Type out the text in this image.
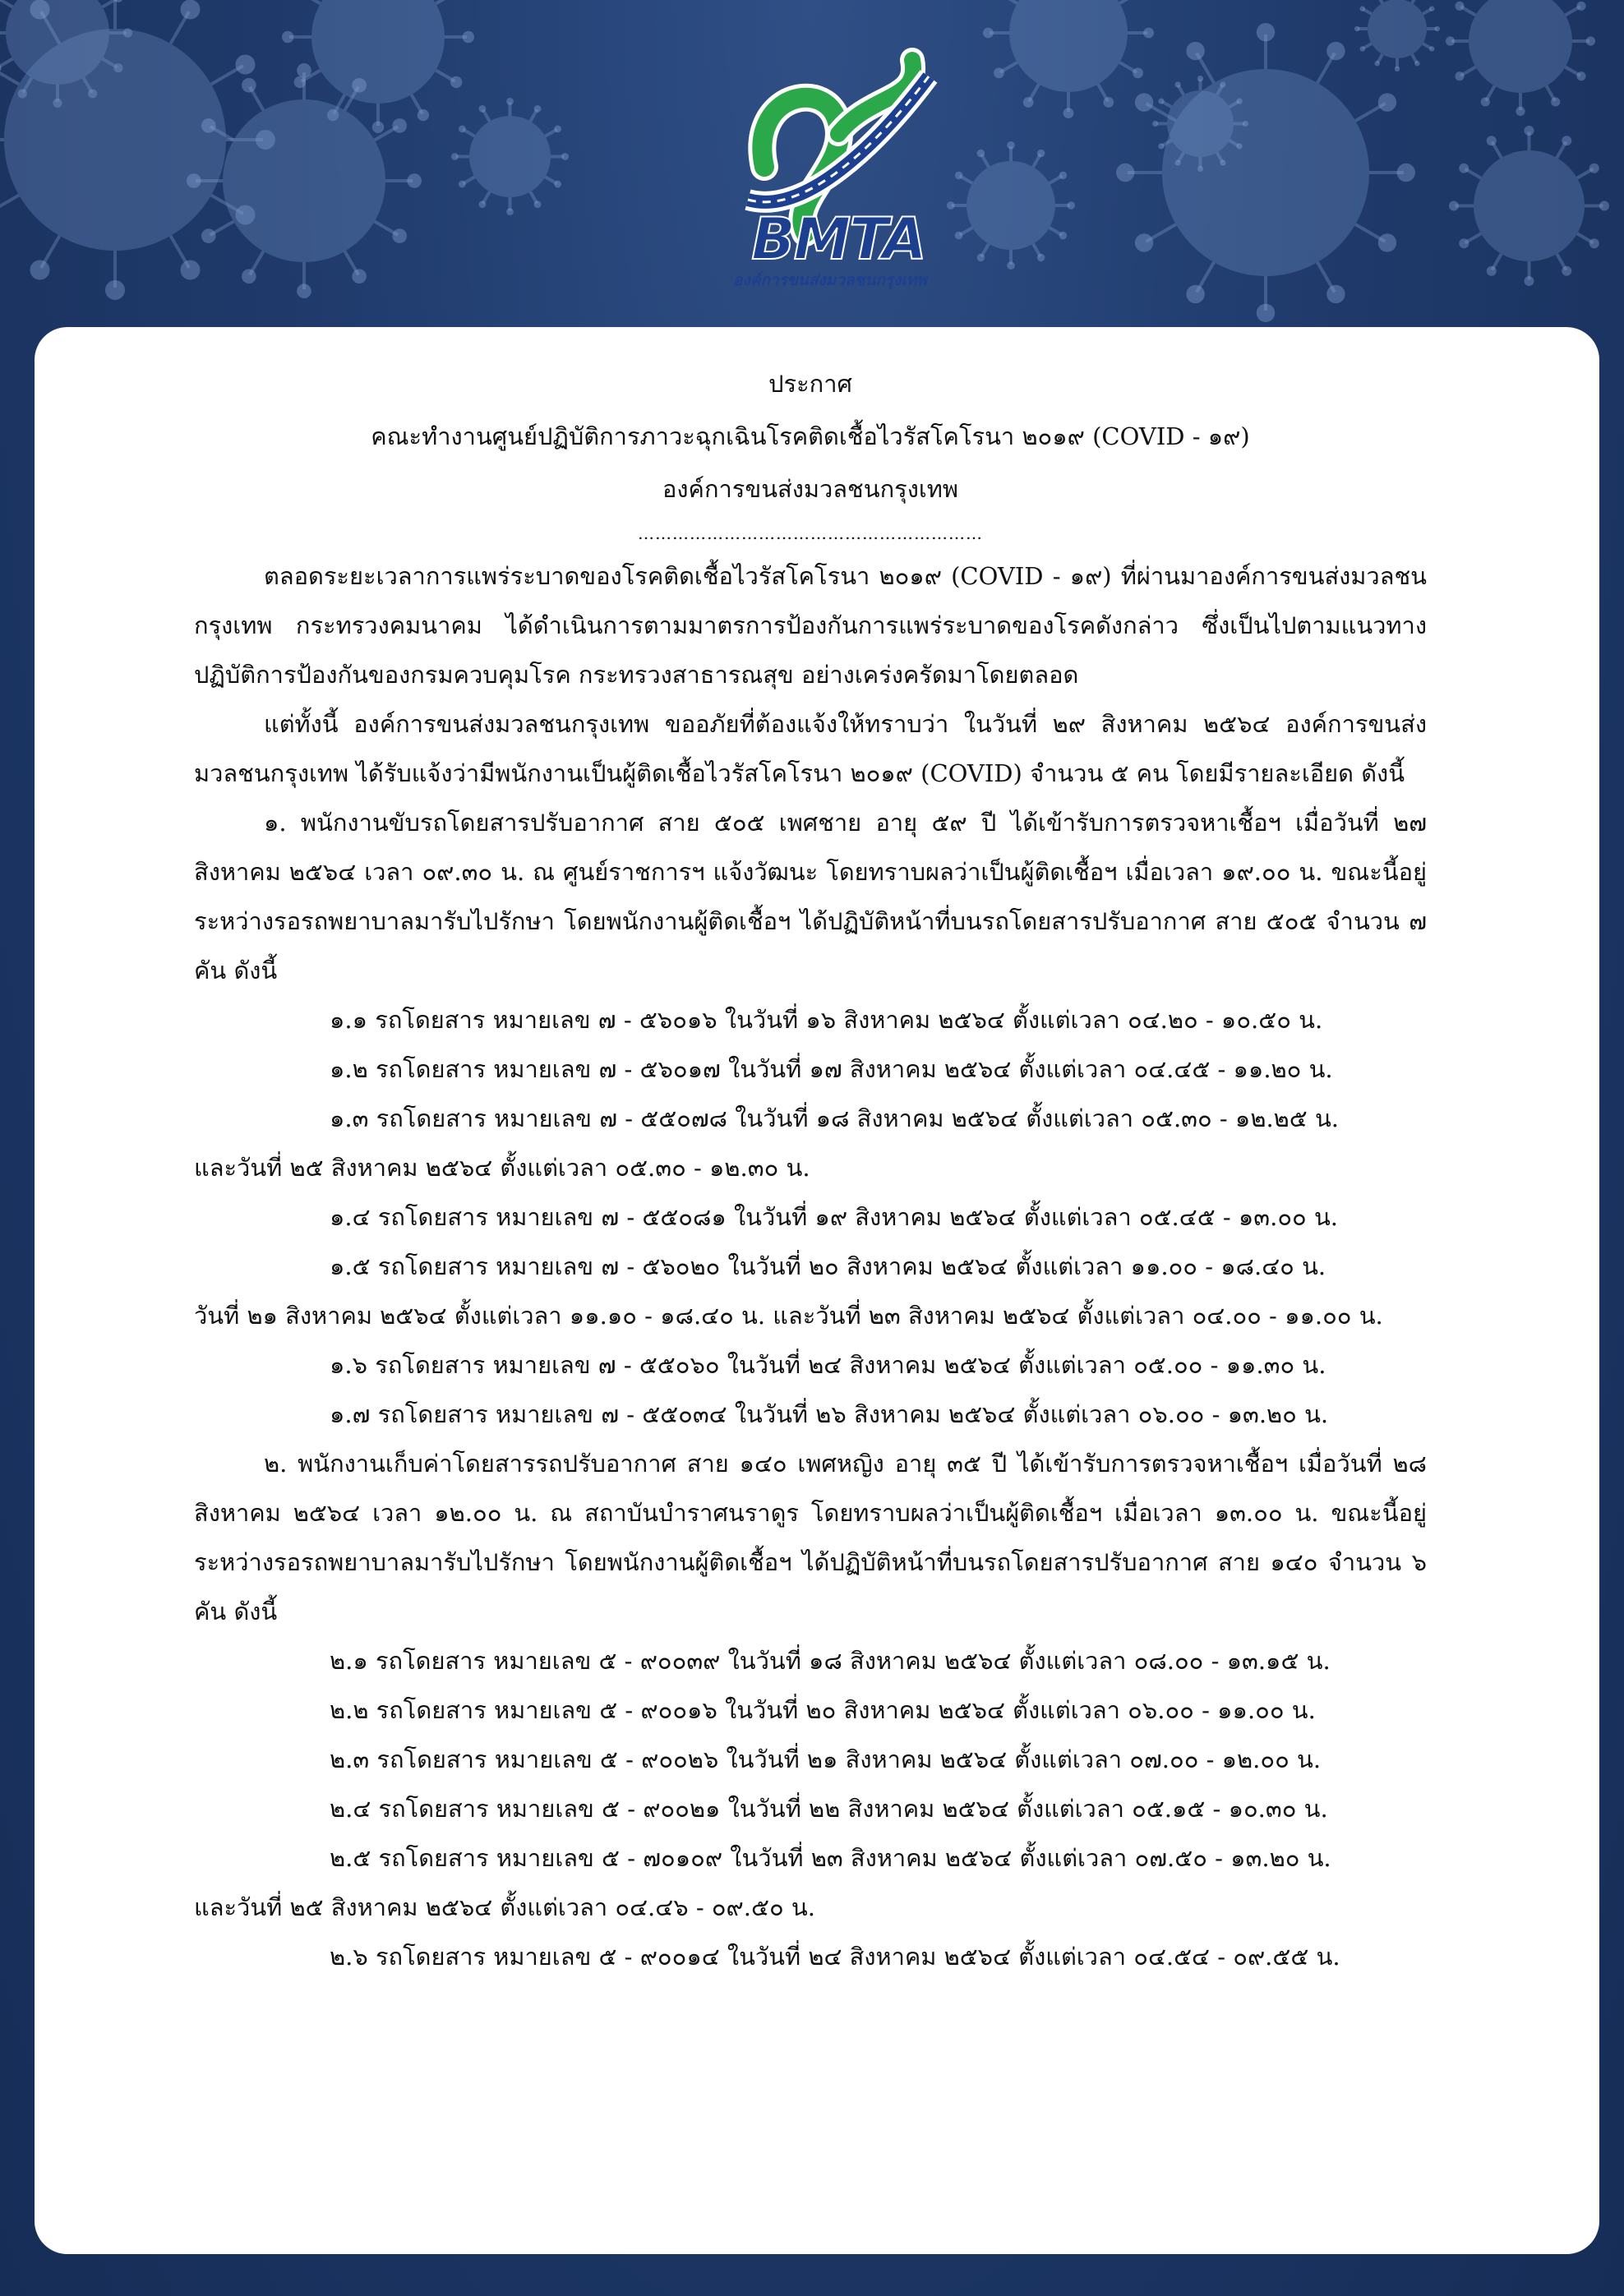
BMTA
องค์การขนส่งมวลชนกรุงเทพ
ประกาศ
คณะทำงานศูนย์ปฏิบัติการภาวะฉุกเฉินโรคติดเชื้อไวรัสโคโรนา ๒๐๑๙ (COVID - ๑๙)
องค์การขนส่งมวลชนกรุงเทพ
……………………………………………………

ตลอดระยะเวลาการแพร่ระบาดของโรคติดเชื้อไวรัสโคโรนา ๒๐๑๙ (COVID - ๑๙) ที่ผ่านมาองค์การขนส่งมวลชนกรุงเทพ กระทรวงคมนาคม ได้ดำเนินการตามมาตรการป้องกันการแพร่ระบาดของโรคดังกล่าว ซึ่งเป็นไปตามแนวทางปฏิบัติการป้องกันของกรมควบคุมโรค กระทรวงสาธารณสุข อย่างเคร่งครัดมาโดยตลอด

แต่ทั้งนี้ องค์การขนส่งมวลชนกรุงเทพ ขออภัยที่ต้องแจ้งให้ทราบว่า ในวันที่ ๒๙ สิงหาคม ๒๕๖๔ องค์การขนส่งมวลชนกรุงเทพ ได้รับแจ้งว่ามีพนักงานเป็นผู้ติดเชื้อไวรัสโคโรนา ๒๐๑๙ (COVID) จำนวน ๕ คน โดยมีรายละเอียด ดังนี้

๑. พนักงานขับรถโดยสารปรับอากาศ สาย ๕๐๕ เพศชาย อายุ ๕๙ ปี ได้เข้ารับการตรวจหาเชื้อฯ เมื่อวันที่ ๒๗ สิงหาคม ๒๕๖๔ เวลา ๐๙.๓๐ น. ณ ศูนย์ราชการฯ แจ้งวัฒนะ โดยทราบผลว่าเป็นผู้ติดเชื้อฯ เมื่อเวลา ๑๙.๐๐ น. ขณะนี้อยู่ระหว่างรอรถพยาบาลมารับไปรักษา โดยพนักงานผู้ติดเชื้อฯ ได้ปฏิบัติหน้าที่บนรถโดยสารปรับอากาศ สาย ๕๐๕ จำนวน ๗ คัน ดังนี้

๑.๑ รถโดยสาร หมายเลข ๗ - ๕๖๐๑๖ ในวันที่ ๑๖ สิงหาคม ๒๕๖๔ ตั้งแต่เวลา ๐๔.๒๐ - ๑๐.๕๐ น.
๑.๒ รถโดยสาร หมายเลข ๗ - ๕๖๐๑๗ ในวันที่ ๑๗ สิงหาคม ๒๕๖๔ ตั้งแต่เวลา ๐๔.๔๕ - ๑๑.๒๐ น.
๑.๓ รถโดยสาร หมายเลข ๗ - ๕๕๐๗๘ ในวันที่ ๑๘ สิงหาคม ๒๕๖๔ ตั้งแต่เวลา ๐๕.๓๐ - ๑๒.๒๕ น.

และวันที่ ๒๕ สิงหาคม ๒๕๖๔ ตั้งแต่เวลา ๐๕.๓๐ - ๑๒.๓๐ น.

๑.๔ รถโดยสาร หมายเลข ๗ - ๕๕๐๘๑ ในวันที่ ๑๙ สิงหาคม ๒๕๖๔ ตั้งแต่เวลา ๐๕.๔๕ - ๑๓.๐๐ น.
๑.๕ รถโดยสาร หมายเลข ๗ - ๕๖๐๒๐ ในวันที่ ๒๐ สิงหาคม ๒๕๖๔ ตั้งแต่เวลา ๑๑.๐๐ - ๑๘.๔๐ น.

วันที่ ๒๑ สิงหาคม ๒๕๖๔ ตั้งแต่เวลา ๑๑.๑๐ - ๑๘.๔๐ น. และวันที่ ๒๓ สิงหาคม ๒๕๖๔ ตั้งแต่เวลา ๐๔.๐๐ - ๑๑.๐๐ น.

๑.๖ รถโดยสาร หมายเลข ๗ - ๕๕๐๖๐ ในวันที่ ๒๔ สิงหาคม ๒๕๖๔ ตั้งแต่เวลา ๐๕.๐๐ - ๑๑.๓๐ น.
๑.๗ รถโดยสาร หมายเลข ๗ - ๕๕๐๓๔ ในวันที่ ๒๖ สิงหาคม ๒๕๖๔ ตั้งแต่เวลา ๐๖.๐๐ - ๑๓.๒๐ น.

๒. พนักงานเก็บค่าโดยสารรถปรับอากาศ สาย ๑๔๐ เพศหญิง อายุ ๓๕ ปี ได้เข้ารับการตรวจหาเชื้อฯ เมื่อวันที่ ๒๘ สิงหาคม ๒๕๖๔ เวลา ๑๒.๐๐ น. ณ สถาบันบำราศนราดูร โดยทราบผลว่าเป็นผู้ติดเชื้อฯ เมื่อเวลา ๑๓.๐๐ น. ขณะนี้อยู่ระหว่างรอรถพยาบาลมารับไปรักษา โดยพนักงานผู้ติดเชื้อฯ ได้ปฏิบัติหน้าที่บนรถโดยสารปรับอากาศ สาย ๑๔๐ จำนวน ๖ คัน ดังนี้

๒.๑ รถโดยสาร หมายเลข ๕ - ๙๐๐๓๙ ในวันที่ ๑๘ สิงหาคม ๒๕๖๔ ตั้งแต่เวลา ๐๘.๐๐ - ๑๓.๑๕ น.
๒.๒ รถโดยสาร หมายเลข ๕ - ๙๐๐๑๖ ในวันที่ ๒๐ สิงหาคม ๒๕๖๔ ตั้งแต่เวลา ๐๖.๐๐ - ๑๑.๐๐ น.
๒.๓ รถโดยสาร หมายเลข ๕ - ๙๐๐๒๖ ในวันที่ ๒๑ สิงหาคม ๒๕๖๔ ตั้งแต่เวลา ๐๗.๐๐ - ๑๒.๐๐ น.
๒.๔ รถโดยสาร หมายเลข ๕ - ๙๐๐๒๑ ในวันที่ ๒๒ สิงหาคม ๒๕๖๔ ตั้งแต่เวลา ๐๕.๑๕ - ๑๐.๓๐ น.
๒.๕ รถโดยสาร หมายเลข ๕ - ๗๐๑๐๙ ในวันที่ ๒๓ สิงหาคม ๒๕๖๔ ตั้งแต่เวลา ๐๗.๕๐ - ๑๓.๒๐ น.

และวันที่ ๒๕ สิงหาคม ๒๕๖๔ ตั้งแต่เวลา ๐๔.๔๖ - ๐๙.๕๐ น.

๒.๖ รถโดยสาร หมายเลข ๕ - ๙๐๐๑๔ ในวันที่ ๒๔ สิงหาคม ๒๕๖๔ ตั้งแต่เวลา ๐๔.๕๔ - ๐๙.๕๕ น.
